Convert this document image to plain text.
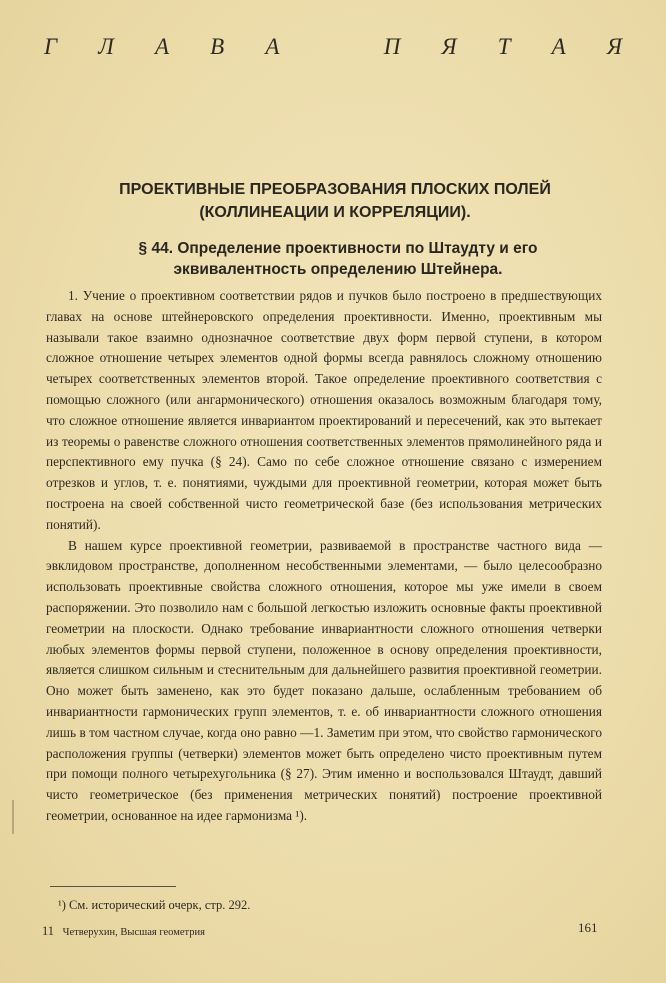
Г Л А В А	П Я Т А Я
ПРОЕКТИВНЫЕ ПРЕОБРАЗОВАНИЯ ПЛОСКИХ ПОЛЕЙ
(КОЛЛИНЕАЦИИ И КОРРЕЛЯЦИИ).
§ 44. Определение проективности по Штаудту и его
эквивалентность определению Штейнера.

1. Учение о проективном соответствии рядов и пучков было построено в предшествующих главах на основе штейнеровского определения проективности. Именно, проективным мы называли такое взаимно однозначное соответствие двух форм первой ступени, в котором сложное отношение четырех элементов одной формы всегда равнялось сложному отношению четырех соответственных элементов второй. Такое определение проективного соответствия с помощью сложного (или ангармонического) отношения оказалось возможным благодаря тому, что сложное отношение является инвариантом проектирований и пересечений, как это вытекает из теоремы о равенстве сложного отношения соответственных элементов прямолинейного ряда и перспективного ему пучка (§ 24). Само по себе сложное отношение связано с измерением отрезков и углов, т. е. понятиями, чуждыми для проективной геометрии, которая может быть построена на своей собственной чисто геометрической базе (без использования метрических понятий).

В нашем курсе проективной геометрии, развиваемой в пространстве частного вида — эвклидовом пространстве, дополненном несобственными элементами, — было целесообразно использовать проективные свойства сложного отношения, которое мы уже имели в своем распоряжении. Это позволило нам с большой легкостью изложить основные факты проективной геометрии на плоскости. Однако требование инвариантности сложного отношения четверки любых элементов формы первой ступени, положенное в основу определения проективности, является слишком сильным и стеснительным для дальнейшего развития проективной геометрии. Оно может быть заменено, как это будет показано дальше, ослабленным требованием об инвариантности гармонических групп элементов, т. е. об инвариантности сложного отношения лишь в том частном случае, когда оно равно —1. Заметим при этом, что свойство гармонического расположения группы (четверки) элементов может быть определено чисто проективным путем при помощи полного четырехугольника (§ 27). Этим именно и воспользовался Штаудт, давший чисто геометрическое (без применения метрических понятий) построение проективной геометрии, основанное на идее гармонизма ¹).

¹) См. исторический очерк, стр. 292.
11 Четверухин, Высшая геометрия	161
